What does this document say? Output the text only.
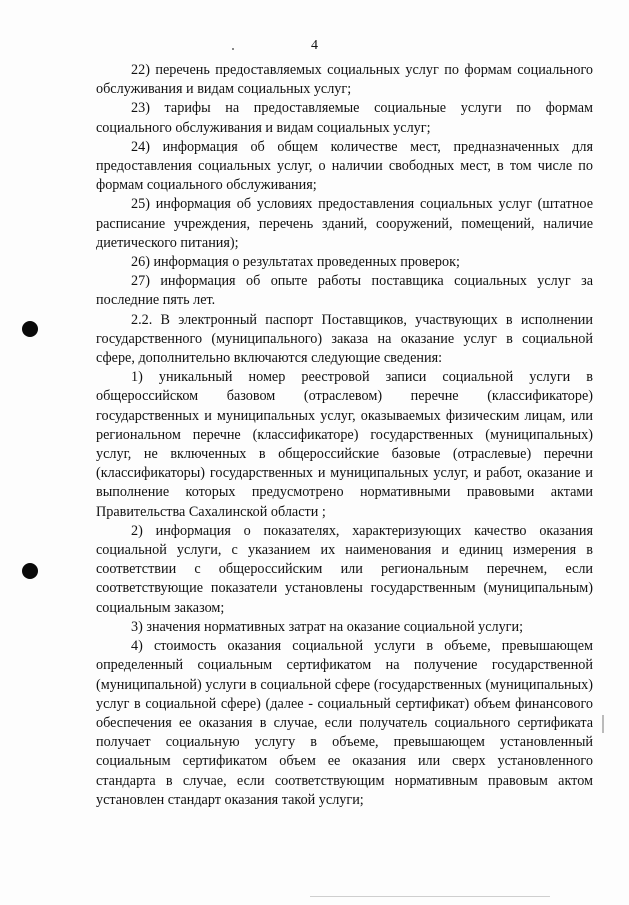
4

22) перечень предоставляемых социальных услуг по формам социального обслуживания и видам социальных услуг;

23) тарифы на предоставляемые социальные услуги по формам социального обслуживания и видам социальных услуг;

24) информация об общем количестве мест, предназначенных для предоставления социальных услуг, о наличии свободных мест, в том числе по формам социального обслуживания;

25) информация об условиях предоставления социальных услуг (штатное расписание учреждения, перечень зданий, сооружений, помещений, наличие диетического питания);

26) информация о результатах проведенных проверок;

27) информация об опыте работы поставщика социальных услуг за последние пять лет.

2.2. В электронный паспорт Поставщиков, участвующих в исполнении государственного (муниципального) заказа на оказание услуг в социальной сфере, дополнительно включаются следующие сведения:

1) уникальный номер реестровой записи социальной услуги в общероссийском базовом (отраслевом) перечне (классификаторе) государственных и муниципальных услуг, оказываемых физическим лицам, или региональном перечне (классификаторе) государственных (муниципальных) услуг, не включенных в общероссийские базовые (отраслевые) перечни (классификаторы) государственных и муниципальных услуг, и работ, оказание и выполнение которых предусмотрено нормативными правовыми актами Правительства Сахалинской области ;

2) информация о показателях, характеризующих качество оказания социальной услуги, с указанием их наименования и единиц измерения в соответствии с общероссийским или региональным перечнем, если соответствующие показатели установлены государственным (муниципальным) социальным заказом;

3) значения нормативных затрат на оказание социальной услуги;

4) стоимость оказания социальной услуги в объеме, превышающем определенный социальным сертификатом на получение государственной (муниципальной) услуги в социальной сфере (государственных (муниципальных) услуг в социальной сфере) (далее - социальный сертификат) объем финансового обеспечения ее оказания в случае, если получатель социального сертификата получает социальную услугу в объеме, превышающем установленный социальным сертификатом объем ее оказания или сверх установленного стандарта в случае, если соответствующим нормативным правовым актом установлен стандарт оказания такой услуги;
